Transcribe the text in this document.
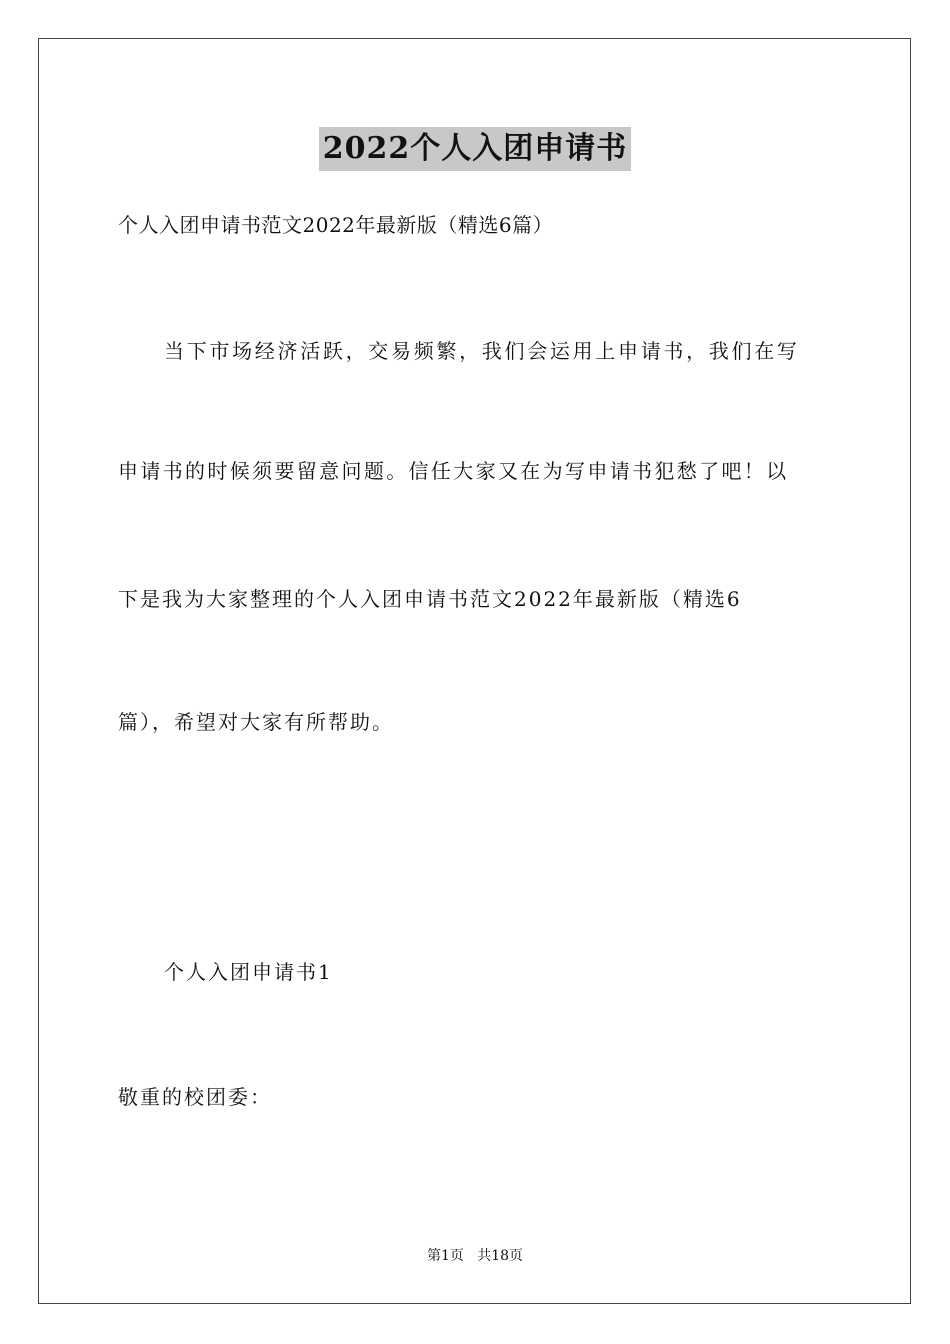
2022个人入团申请书

个人入团申请书范文2022年最新版（精选6篇）

当下市场经济活跃，交易频繁，我们会运用上申请书，我们在写

申请书的时候须要留意问题。信任大家又在为写申请书犯愁了吧！以

下是我为大家整理的个人入团申请书范文2022年最新版（精选6

篇），希望对大家有所帮助。

个人入团申请书1

敬重的校团委：

第1页   共18页
